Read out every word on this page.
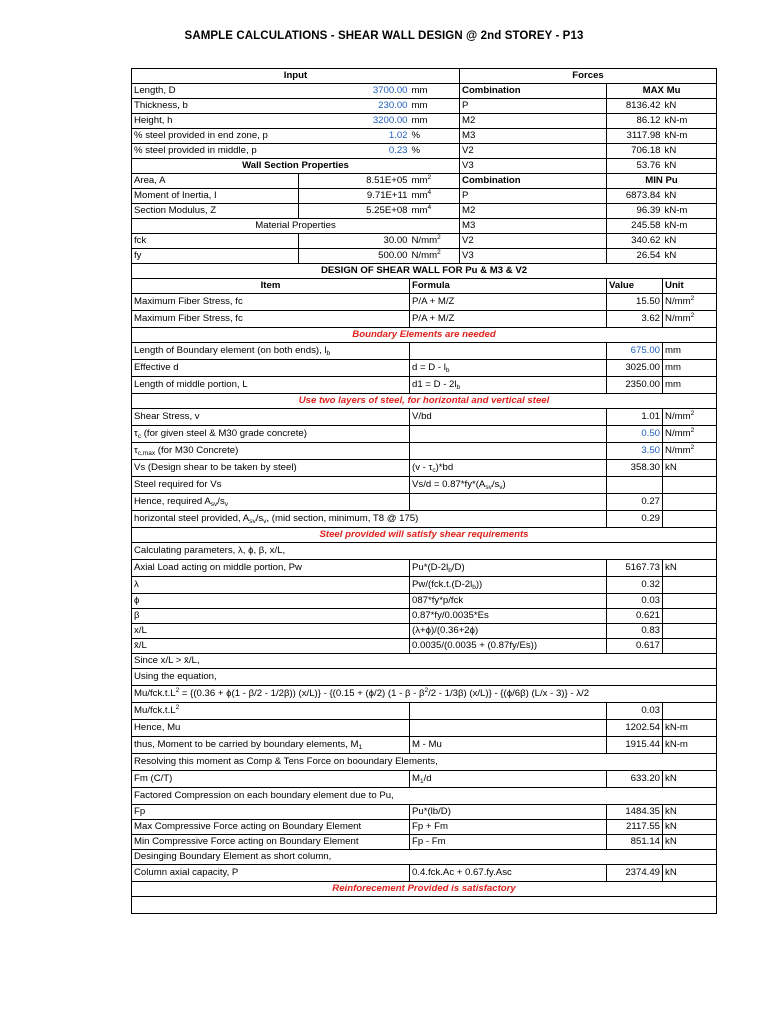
SAMPLE CALCULATIONS - SHEAR WALL DESIGN @ 2nd STOREY - P13
Input			Forces		
Length, D	3700.00	mm	Combination	MAX Mu	
Thickness, b	230.00	mm	P	8136.42	kN
Height, h	3200.00	mm	M2	86.12	kN-m
% steel provided in end zone, p	1.02	%	M3	3117.98	kN-m
% steel provided in middle, p	0.23	%	V2	706.18	kN
Wall Section Properties			V3	53.76	kN
Area, A	8.51E+05	$mm^2$	Combination	MIN Pu	
Moment of Inertia, I	9.71E+11	$mm^4$	P	6873.84	kN
Section Modulus, Z	5.25E+08	$mm^4$	M2	96.39	kN-m
Material Properties			M3	245.58	kN-m
fck	30.00	$N/mm^2$	V2	340.62	kN
fy	500.00	$N/mm^2$	V3	26.54	kN
DESIGN OF SHEAR WALL FOR Pu & M3 & V2					
Item		Formula		Value	Unit
Maximum Fiber Stress, fc		P/A + M/Z		15.50	$N/mm^2$
Maximum Fiber Stress, fc		P/A + M/Z		3.62	$N/mm^2$
Boundary Elements are needed					
Length of Boundary element (on both ends), $l_b$				675.00	mm
Effective d		$d = D - l_b$		3025.00	mm
Length of middle portion, L		$d1 = D - 2l_b$		2350.00	mm
Use two layers of steel, for horizontal and vertical steel					
Shear Stress, v		V/bd		1.01	$N/mm^2$
$\tau_c$ (for given steel & M30 grade concrete)				0.50	$N/mm^2$
$\tau_{c,max}$ (for M30 Concrete)				3.50	$N/mm^2$
Vs (Design shear to be taken by steel)		$(v - \tau_c)*bd$		358.30	kN
Steel required for Vs		$Vs/d = 0.87*fy*(A_{sv}/s_v)$			
Hence, required $A_{sv}/s_v$				0.27	
horizontal steel provided, $A_{sv}/s_v$, (mid section, minimum, T8 @ 175)				0.29	
Steel provided will satisfy shear requirements					
Calculating parameters, λ, ϕ, β, x/L,					
Axial Load acting on middle portion, Pw		$Pu*(D-2l_b/D)$		5167.73	kN
λ		$Pw/(fck.t.(D-2l_b))$		0.32	
ϕ		087*fy*p/fck		0.03	
β		0.87*fy/0.0035*Es		0.621	
x/L		(λ+ϕ)/(0.36+2ϕ)		0.83	
x̄/L		0.0035/(0.0035 + (0.87fy/Es))		0.617	
Since x/L > x̄/L,					
Using the equation,					
$Mu/fck.t.L^2 = \{(0.36 + \phi(1 - \beta/2 - 1/2\beta))$ (x/L)} - {(0.15 + (ϕ/2) (1 - β - $\beta^2/2 - 1/3\beta$) (x/L)} - {(ϕ/6β) (L/x - 3)} - λ/2					
$Mu/fck.t.L^2$				0.03	
Hence, Mu				1202.54	kN-m
thus, Moment to be carried by boundary elements, $M_1$		M - Mu		1915.44	kN-m
Resolving this moment as Comp & Tens Force on booundary Elements,					
Fm (C/T)		$M_1/d$		633.20	kN
Factored Compression on each boundary element due to Pu,					
Fp		Pu*(lb/D)		1484.35	kN
Max Compressive Force acting on Boundary Element		Fp + Fm		2117.55	kN
Min Compressive Force acting on Boundary Element		Fp - Fm		851.14	kN
Desinging Boundary Element as short column,					
Column axial capacity, P		0.4.fck.Ac + 0.67.fy.Asc		2374.49	kN
Reinforecement Provided is satisfactory					
